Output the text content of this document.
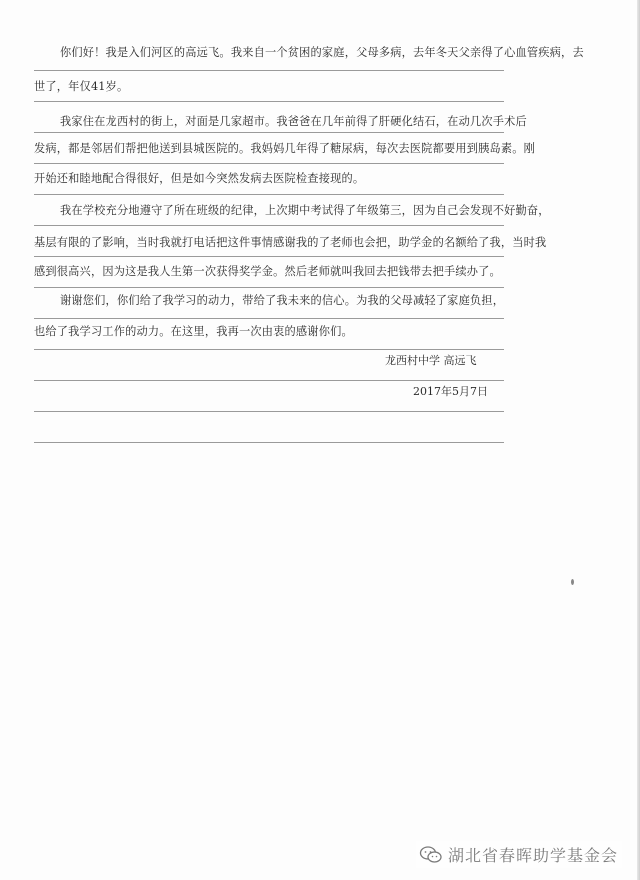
你们好！我是入们河区的高远飞。我来自一个贫困的家庭，父母多病，去年冬天父亲得了心血管疾病，去
世了，年仅41岁。
我家住在龙西村的街上，对面是几家超市。我爸爸在几年前得了肝硬化结石，在动几次手术后
发病，都是邻居们帮把他送到县城医院的。我妈妈几年得了糖尿病，每次去医院都要用到胰岛素。刚
开始还和睦地配合得很好，但是如今突然发病去医院检查接现的。
我在学校充分地遵守了所在班级的纪律，上次期中考试得了年级第三，因为自己会发现不好勤奋，
基层有限的了影响，当时我就打电话把这件事情感谢我的了老师也会把，助学金的名额给了我，当时我
感到很高兴，因为这是我人生第一次获得奖学金。然后老师就叫我回去把钱带去把手续办了。
谢谢您们，你们给了我学习的动力，带给了我未来的信心。为我的父母减轻了家庭负担，
也给了我学习工作的动力。在这里，我再一次由衷的感谢你们。
龙西村中学 高远飞
2017年5月7日
湖北省春晖助学基金会
